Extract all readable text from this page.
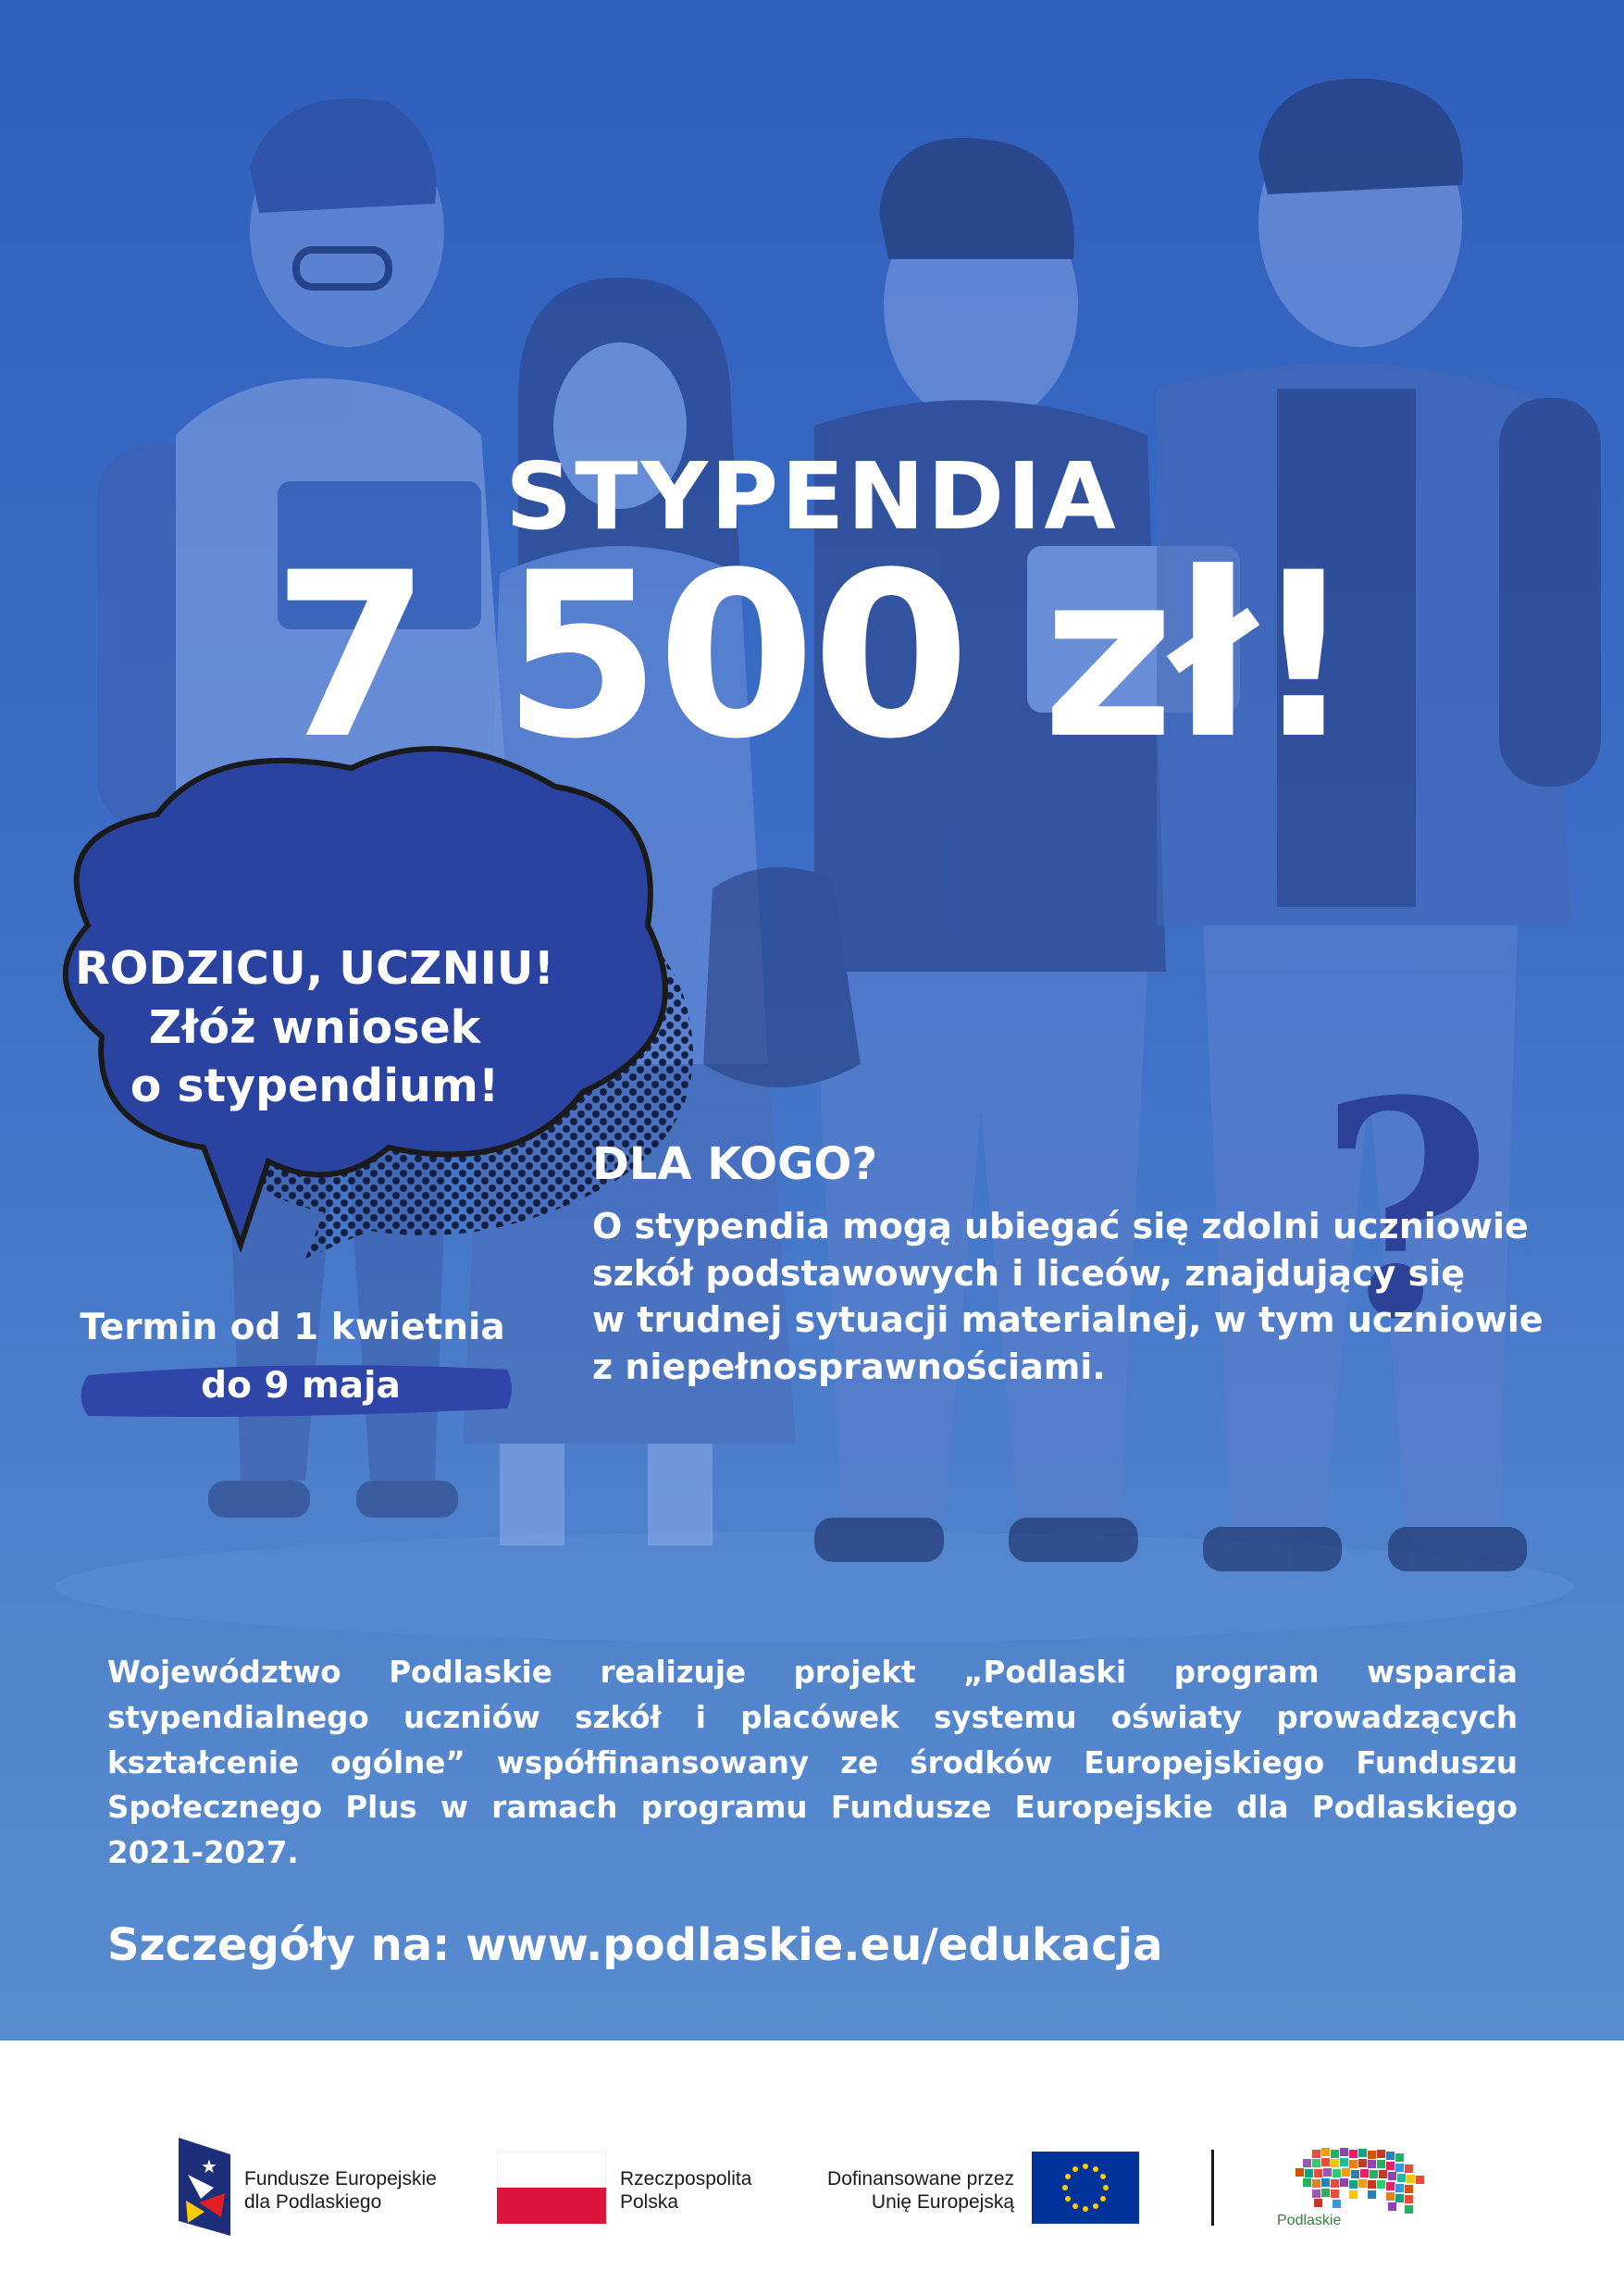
?
STYPENDIA
7 500 zł!
RODZICU, UCZNIU!
Złóż wniosek
o stypendium!
DLA KOGO?
O stypendia mogą ubiegać się zdolni uczniowie
szkół podstawowych i liceów, znajdujący się
w trudnej sytuacji materialnej, w tym uczniowie
z niepełnosprawnościami.
Termin od 1 kwietnia
do 9 maja
Województwo Podlaskie realizuje projekt „Podlaski program wsparcia stypendialnego uczniów szkół i placówek systemu oświaty prowadzących kształcenie ogólne” współfinansowany ze środków Europejskiego Funduszu Społecznego Plus w ramach programu Fundusze Europejskie dla Podlaskiego 2021-2027.
Szczegóły na: www.podlaskie.eu/edukacja
★
Fundusze Europejskie
dla Podlaskiego
Rzeczpospolita
Polska
Dofinansowane przez
Unię Europejską
Podlaskie
